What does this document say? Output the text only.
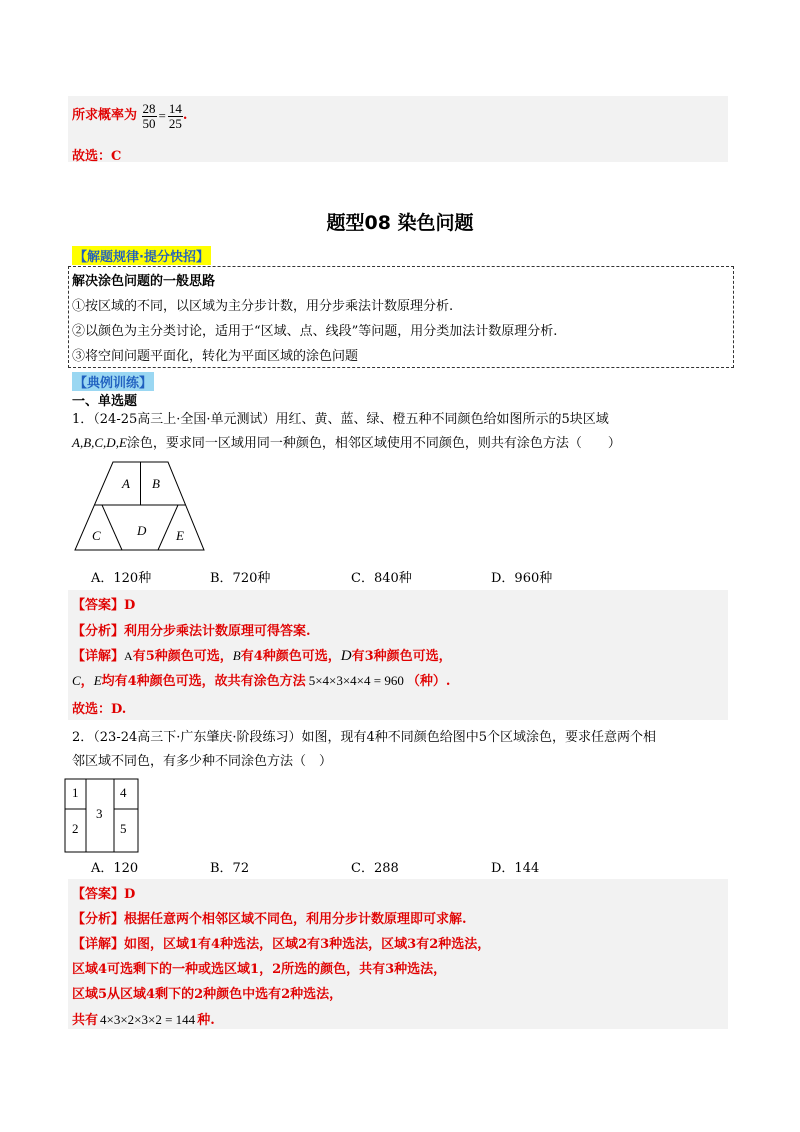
所求概率为 $\frac{28}{50} = \frac{14}{25}$ .
故选：C
题型08 染色问题
【解题规律·提分快招】
解决涂色问题的一般思路
①按区域的不同，以区域为主分步计数，用分步乘法计数原理分析.
②以颜色为主分类讨论，适用于“区域、点、线段”等问题，用分类加法计数原理分析.
③将空间问题平面化，转化为平面区域的涂色问题
【典例训练】
一、单选题
1．（24-25高三上·全国·单元测试）用红、黄、蓝、绿、橙五种不同颜色给如图所示的5块区域
A,B,C,D,E涂色，要求同一区域用同一种颜色，相邻区域使用不同颜色，则共有涂色方法（　　）
A B
C	D E
A．120种	B．720种	C．840种	D．960种
【答案】D
【分析】利用分步乘法计数原理可得答案.
【详解】A有5种颜色可选，B有4种颜色可选，D有3种颜色可选，
C，E均有4种颜色可选，故共有涂色方法 5×4×3×4×4 = 960 （种）.
故选：D.
2．（23-24高三下·广东肇庆·阶段练习）如图，现有4种不同颜色给图中5个区域涂色，要求任意两个相
邻区域不同色，有多少种不同涂色方法（　）
1
2
3
4
5
A．120	B．72	C．288	D．144
【答案】D
【分析】根据任意两个相邻区域不同色，利用分步计数原理即可求解.
【详解】如图，区域1有4种选法，区域2有3种选法，区域3有2种选法，
区域4可选剩下的一种或选区域1，2所选的颜色，共有3种选法，
区域5从区域4剩下的2种颜色中选有2种选法，
共有 4×3×2×3×2 = 144 种.
